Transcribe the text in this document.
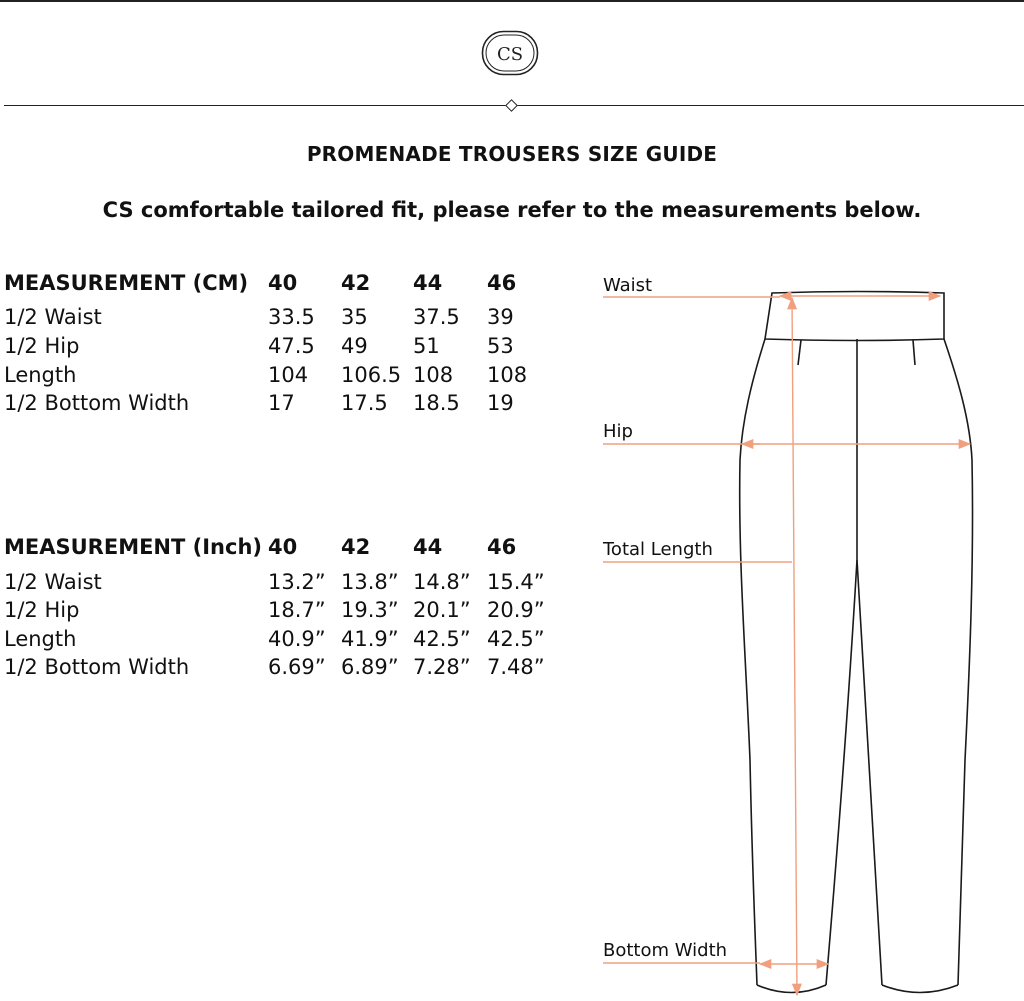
CS
PROMENADE TROUSERS SIZE GUIDE
CS comfortable tailored fit, please refer to the measurements below.
MEASUREMENT (CM) 40 42 44 46
1/2 Waist	33.5 35 37.5 39
1/2 Hip	47.5 49 51 53
Length	104 106.5 108 108
1/2 Bottom Width	17 17.5 18.5 19
MEASUREMENT (Inch) 40 42 44 46
1/2 Waist	13.2” 13.8” 14.8” 15.4”
1/2 Hip	18.7” 19.3” 20.1” 20.9”
Length	40.9” 41.9” 42.5” 42.5”
1/2 Bottom Width	6.69” 6.89” 7.28” 7.48”
Waist
Hip
Total Length
Bottom Width
